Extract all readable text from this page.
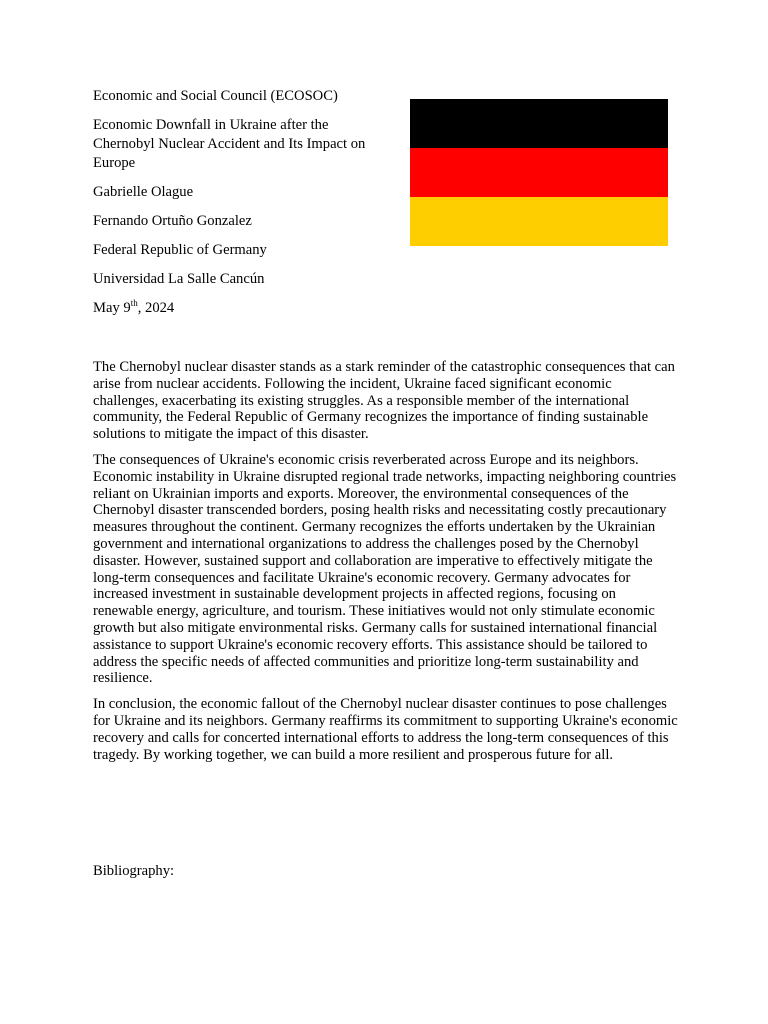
Economic and Social Council (ECOSOC)
Economic Downfall in Ukraine after the Chernobyl Nuclear Accident and Its Impact on Europe
Gabrielle Olague
Fernando Ortuño Gonzalez
Federal Republic of Germany
Universidad La Salle Cancún
May 9th, 2024

The Chernobyl nuclear disaster stands as a stark reminder of the catastrophic consequences that can arise from nuclear accidents. Following the incident, Ukraine faced significant economic challenges, exacerbating its existing struggles. As a responsible member of the international community, the Federal Republic of Germany recognizes the importance of finding sustainable solutions to mitigate the impact of this disaster.

The consequences of Ukraine's economic crisis reverberated across Europe and its neighbors. Economic instability in Ukraine disrupted regional trade networks, impacting neighboring countries reliant on Ukrainian imports and exports. Moreover, the environmental consequences of the Chernobyl disaster transcended borders, posing health risks and necessitating costly precautionary measures throughout the continent. Germany recognizes the efforts undertaken by the Ukrainian government and international organizations to address the challenges posed by the Chernobyl disaster. However, sustained support and collaboration are imperative to effectively mitigate the long-term consequences and facilitate Ukraine's economic recovery. Germany advocates for increased investment in sustainable development projects in affected regions, focusing on renewable energy, agriculture, and tourism. These initiatives would not only stimulate economic growth but also mitigate environmental risks. Germany calls for sustained international financial assistance to support Ukraine's economic recovery efforts. This assistance should be tailored to address the specific needs of affected communities and prioritize long-term sustainability and resilience.

In conclusion, the economic fallout of the Chernobyl nuclear disaster continues to pose challenges for Ukraine and its neighbors. Germany reaffirms its commitment to supporting Ukraine's economic recovery and calls for concerted international efforts to address the long-term consequences of this tragedy. By working together, we can build a more resilient and prosperous future for all.

Bibliography:
